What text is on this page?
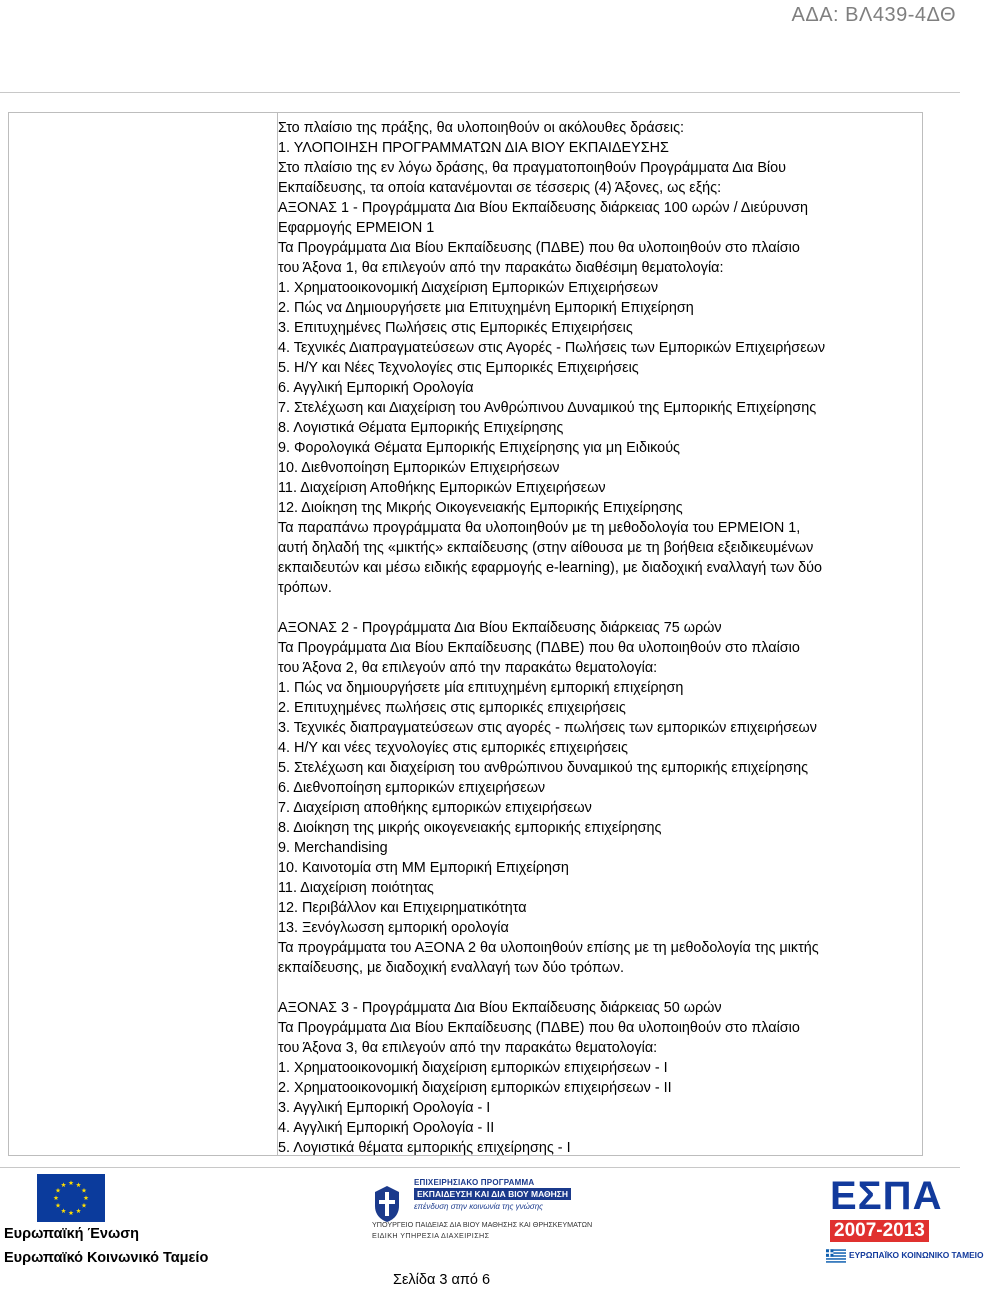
ΑΔΑ: ΒΛ439-4ΔΘ
Στο πλαίσιο της πράξης, θα υλοποιηθούν οι ακόλουθες δράσεις:
1. ΥΛΟΠΟΙΗΣΗ ΠΡΟΓΡΑΜΜΑΤΩΝ ΔΙΑ ΒΙΟΥ ΕΚΠΑΙΔΕΥΣΗΣ
Στο πλαίσιο της εν λόγω δράσης, θα πραγματοποιηθούν Προγράμματα Δια Βίου
Εκπαίδευσης, τα οποία κατανέμονται σε τέσσερις (4) Άξονες, ως εξής:
ΑΞΟΝΑΣ 1 - Προγράμματα Δια Βίου Εκπαίδευσης διάρκειας 100 ωρών / Διεύρυνση
Εφαρμογής ΕΡΜΕΙΟΝ 1
Τα Προγράμματα Δια Βίου Εκπαίδευσης (ΠΔΒΕ) που θα υλοποιηθούν στο πλαίσιο
του Άξονα 1, θα επιλεγούν από την παρακάτω διαθέσιμη θεματολογία:
1. Χρηματοοικονομική Διαχείριση Εμπορικών Επιχειρήσεων
2. Πώς να Δημιουργήσετε μια Επιτυχημένη Εμπορική Επιχείρηση
3. Επιτυχημένες Πωλήσεις στις Εμπορικές Επιχειρήσεις
4. Τεχνικές Διαπραγματεύσεων στις Αγορές - Πωλήσεις των Εμπορικών Επιχειρήσεων
5. Η/Υ και Νέες Τεχνολογίες στις Εμπορικές Επιχειρήσεις
6. Αγγλική Εμπορική Ορολογία
7. Στελέχωση και Διαχείριση του Ανθρώπινου Δυναμικού της Εμπορικής Επιχείρησης
8. Λογιστικά Θέματα Εμπορικής Επιχείρησης
9. Φορολογικά Θέματα Εμπορικής Επιχείρησης για μη Ειδικούς
10. Διεθνοποίηση Εμπορικών Επιχειρήσεων
11. Διαχείριση Αποθήκης Εμπορικών Επιχειρήσεων
12. Διοίκηση της Μικρής Οικογενειακής Εμπορικής Επιχείρησης
Τα παραπάνω προγράμματα θα υλοποιηθούν με τη μεθοδολογία του ΕΡΜΕΙΟΝ 1,
αυτή δηλαδή της «μικτής» εκπαίδευσης (στην αίθουσα με τη βοήθεια εξειδικευμένων
εκπαιδευτών και μέσω ειδικής εφαρμογής e-learning), με διαδοχική εναλλαγή των δύο
τρόπων.
ΑΞΟΝΑΣ 2 - Προγράμματα Δια Βίου Εκπαίδευσης διάρκειας 75 ωρών
Τα Προγράμματα Δια Βίου Εκπαίδευσης (ΠΔΒΕ) που θα υλοποιηθούν στο πλαίσιο
του Άξονα 2, θα επιλεγούν από την παρακάτω θεματολογία:
1. Πώς να δημιουργήσετε μία επιτυχημένη εμπορική επιχείρηση
2. Επιτυχημένες πωλήσεις στις εμπορικές επιχειρήσεις
3. Τεχνικές διαπραγματεύσεων στις αγορές - πωλήσεις των εμπορικών επιχειρήσεων
4. Η/Υ και νέες τεχνολογίες στις εμπορικές επιχειρήσεις
5. Στελέχωση και διαχείριση του ανθρώπινου δυναμικού της εμπορικής επιχείρησης
6. Διεθνοποίηση εμπορικών επιχειρήσεων
7. Διαχείριση αποθήκης εμπορικών επιχειρήσεων
8. Διοίκηση της μικρής οικογενειακής εμπορικής επιχείρησης
9. Merchandising
10. Καινοτομία στη ΜΜ Εμπορική Επιχείρηση
11. Διαχείριση ποιότητας
12. Περιβάλλον και Επιχειρηματικότητα
13. Ξενόγλωσση εμπορική ορολογία
Τα προγράμματα του ΑΞΟΝΑ 2 θα υλοποιηθούν επίσης με τη μεθοδολογία της μικτής
εκπαίδευσης, με διαδοχική εναλλαγή των δύο τρόπων.
ΑΞΟΝΑΣ 3 - Προγράμματα Δια Βίου Εκπαίδευσης διάρκειας 50 ωρών
Τα Προγράμματα Δια Βίου Εκπαίδευσης (ΠΔΒΕ) που θα υλοποιηθούν στο πλαίσιο
του Άξονα 3, θα επιλεγούν από την παρακάτω θεματολογία:
1. Χρηματοοικονομική διαχείριση εμπορικών επιχειρήσεων - Ι
2. Χρηματοοικονομική διαχείριση εμπορικών επιχειρήσεων - ΙΙ
3. Αγγλική Εμπορική Ορολογία - Ι
4. Αγγλική Εμπορική Ορολογία - ΙΙ
5. Λογιστικά θέματα εμπορικής επιχείρησης - Ι
Ευρωπαϊκή Ένωση
Ευρωπαϊκό Κοινωνικό Ταμείο
ΕΠΙΧΕΙΡΗΣΙΑΚΟ ΠΡΟΓΡΑΜΜΑ
ΕΚΠΑΙΔΕΥΣΗ ΚΑΙ ΔΙΑ ΒΙΟΥ ΜΑΘΗΣΗ
επένδυση στην κοινωνία της γνώσης
ΥΠΟΥΡΓΕΙΟ ΠΑΙΔΕΙΑΣ ΔΙΑ ΒΙΟΥ ΜΑΘΗΣΗΣ ΚΑΙ ΘΡΗΣΚΕΥΜΑΤΩΝ
ΕΙΔΙΚΗ ΥΠΗΡΕΣΙΑ ΔΙΑΧΕΙΡΙΣΗΣ
ΕΣΠΑ
2007-2013
ΕΥΡΩΠΑΪΚΟ ΚΟΙΝΩΝΙΚΟ ΤΑΜΕΙΟ
Σελίδα 3 από 6
